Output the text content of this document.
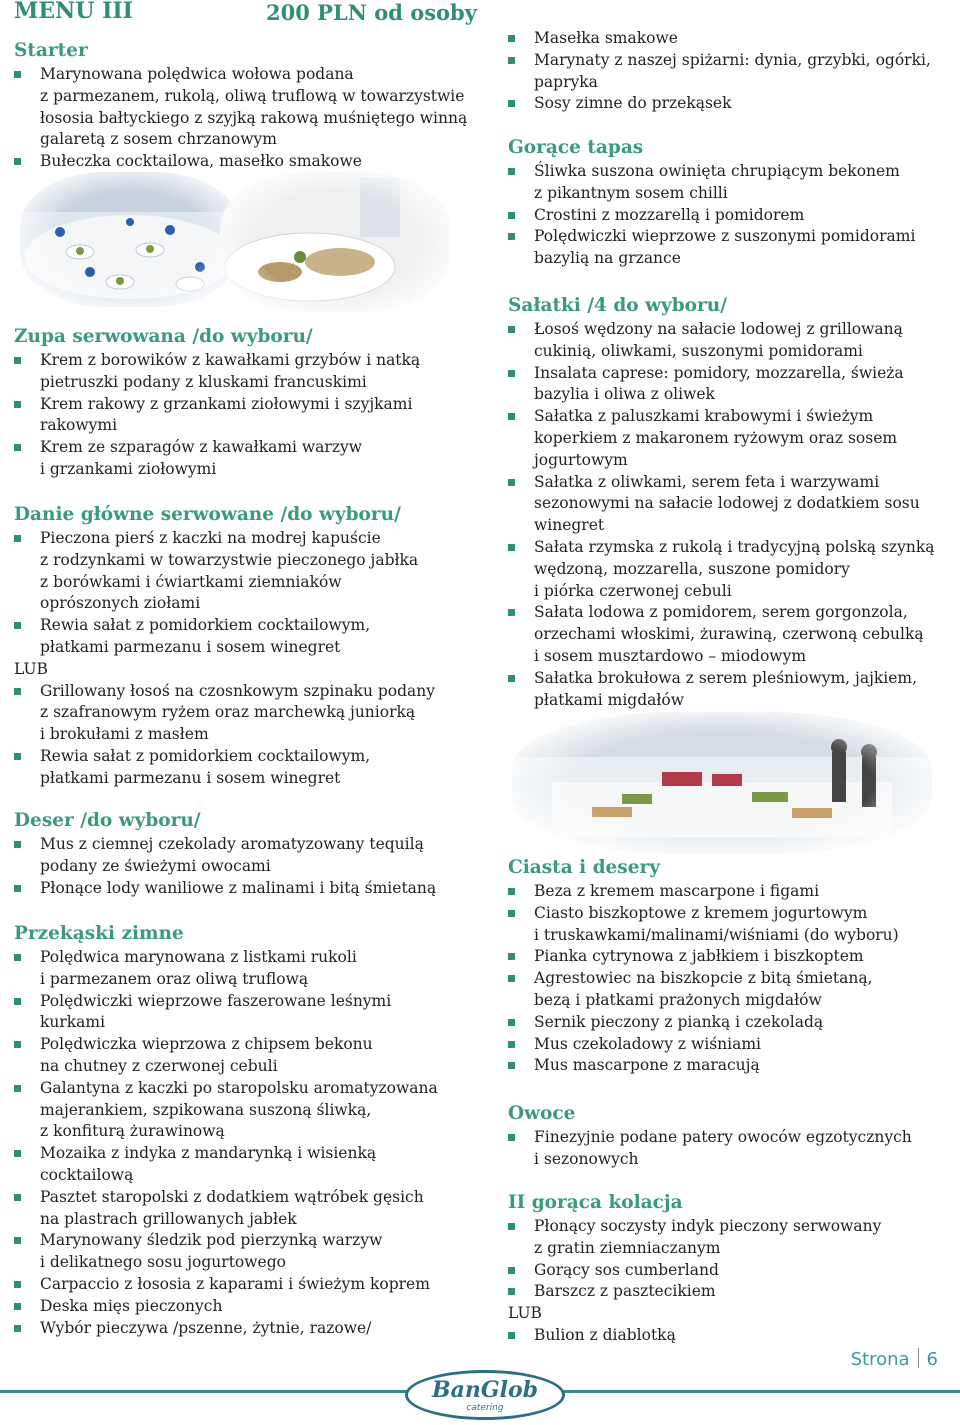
MENU III	200 PLN od osoby
Starter
Marynowana polędwica wołowa podana
z parmezanem, rukolą, oliwą truflową w towarzystwie
łososia bałtyckiego z szyjką rakową muśniętego winną
galaretą z sosem chrzanowym
Bułeczka cocktailowa, masełko smakowe
Zupa serwowana /do wyboru/
Krem z borowików z kawałkami grzybów i natką
pietruszki podany z kluskami francuskimi
Krem rakowy z grzankami ziołowymi i szyjkami
rakowymi
Krem ze szparagów z kawałkami warzyw
i grzankami ziołowymi
Danie główne serwowane /do wyboru/
Pieczona pierś z kaczki na modrej kapuście
z rodzynkami w towarzystwie pieczonego jabłka
z borówkami i ćwiartkami ziemniaków
oprószonych ziołami
Rewia sałat z pomidorkiem cocktailowym,
płatkami parmezanu i sosem winegret
LUB
Grillowany łosoś na czosnkowym szpinaku podany
z szafranowym ryżem oraz marchewką juniorką
i brokułami z masłem
Rewia sałat z pomidorkiem cocktailowym,
płatkami parmezanu i sosem winegret
Deser /do wyboru/
Mus z ciemnej czekolady aromatyzowany tequilą
podany ze świeżymi owocami
Płonące lody waniliowe z malinami i bitą śmietaną
Przekąski zimne
Polędwica marynowana z listkami rukoli
i parmezanem oraz oliwą truflową
Polędwiczki wieprzowe faszerowane leśnymi
kurkami
Polędwiczka wieprzowa z chipsem bekonu
na chutney z czerwonej cebuli
Galantyna z kaczki po staropolsku aromatyzowana
majerankiem, szpikowana suszoną śliwką,
z konfiturą żurawinową
Mozaika z indyka z mandarynką i wisienką
cocktailową
Pasztet staropolski z dodatkiem wątróbek gęsich
na plastrach grillowanych jabłek
Marynowany śledzik pod pierzynką warzyw
i delikatnego sosu jogurtowego
Carpaccio z łososia z kaparami i świeżym koprem
Deska mięs pieczonych
Wybór pieczywa /pszenne, żytnie, razowe/
Masełka smakowe
Marynaty z naszej spiżarni: dynia, grzybki, ogórki,
papryka
Sosy zimne do przekąsek
Gorące tapas
Śliwka suszona owinięta chrupiącym bekonem
z pikantnym sosem chilli
Crostini z mozzarellą i pomidorem
Polędwiczki wieprzowe z suszonymi pomidorami
bazylią na grzance
Sałatki /4 do wyboru/
Łosoś wędzony na sałacie lodowej z grillowaną
cukinią, oliwkami, suszonymi pomidorami
Insalata caprese: pomidory, mozzarella, świeża
bazylia i oliwa z oliwek
Sałatka z paluszkami krabowymi i świeżym
koperkiem z makaronem ryżowym oraz sosem
jogurtowym
Sałatka z oliwkami, serem feta i warzywami
sezonowymi na sałacie lodowej z dodatkiem sosu
winegret
Sałata rzymska z rukolą i tradycyjną polską szynką
wędzoną, mozzarella, suszone pomidory
i piórka czerwonej cebuli
Sałata lodowa z pomidorem, serem gorgonzola,
orzechami włoskimi, żurawiną, czerwoną cebulką
i sosem musztardowo – miodowym
Sałatka brokułowa z serem pleśniowym, jajkiem,
płatkami migdałów
Ciasta i desery
Beza z kremem mascarpone i figami
Ciasto biszkoptowe z kremem jogurtowym
i truskawkami/malinami/wiśniami (do wyboru)
Pianka cytrynowa z jabłkiem i biszkoptem
Agrestowiec na biszkopcie z bitą śmietaną,
bezą i płatkami prażonych migdałów
Sernik pieczony z pianką i czekoladą
Mus czekoladowy z wiśniami
Mus mascarpone z maracują
Owoce
Finezyjnie podane patery owoców egzotycznych
i sezonowych
II gorąca kolacja
Płonący soczysty indyk pieczony serwowany
z gratin ziemniaczanym
Gorący sos cumberland
Barszcz z pasztecikiem
LUB
Bulion z diablotką
Strona 6
BanGlob
catering
